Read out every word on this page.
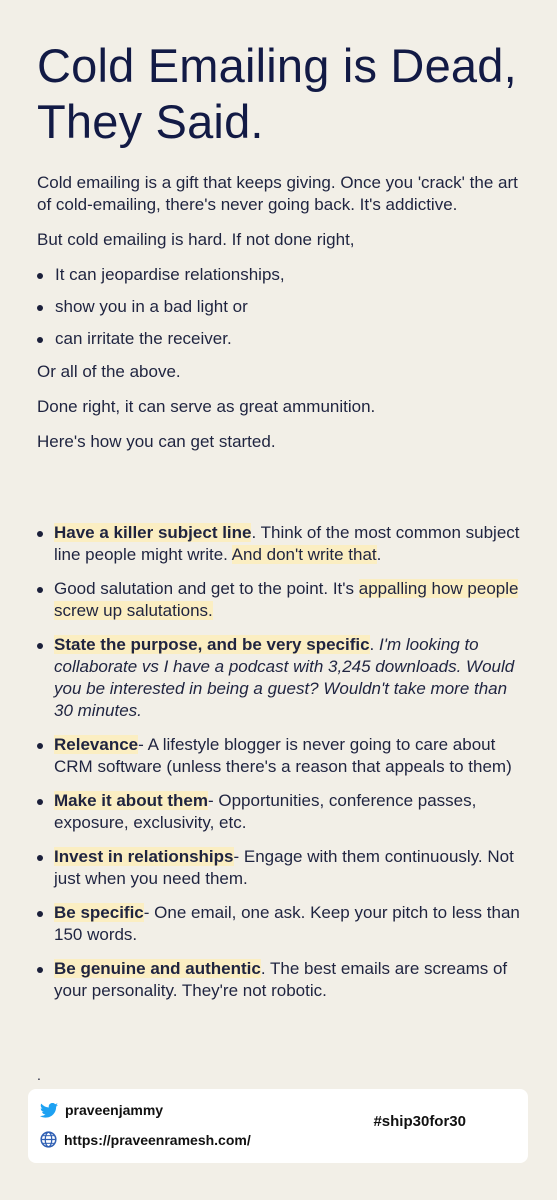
Cold Emailing is Dead, They Said.

Cold emailing is a gift that keeps giving. Once you 'crack' the art of cold-emailing, there's never going back. It's addictive.

But cold emailing is hard. If not done right,

It can jeopardise relationships,
show you in a bad light or
can irritate the receiver.

Or all of the above.

Done right, it can serve as great ammunition.

Here's how you can get started.

Have a killer subject line. Think of the most common subject line people might write. And don't write that.
Good salutation and get to the point. It's appalling how people screw up salutations.
State the purpose, and be very specific. I'm looking to collaborate vs I have a podcast with 3,245 downloads. Would you be interested in being a guest? Wouldn't take more than 30 minutes.
Relevance- A lifestyle blogger is never going to care about CRM software (unless there's a reason that appeals to them)
Make it about them- Opportunities, conference passes, exposure, exclusivity, etc.
Invest in relationships- Engage with them continuously. Not just when you need them.
Be specific- One email, one ask. Keep your pitch to less than 150 words.
Be genuine and authentic. The best emails are screams of your personality. They're not robotic.
.
praveenjammy
https://praveenramesh.com/
#ship30for30
